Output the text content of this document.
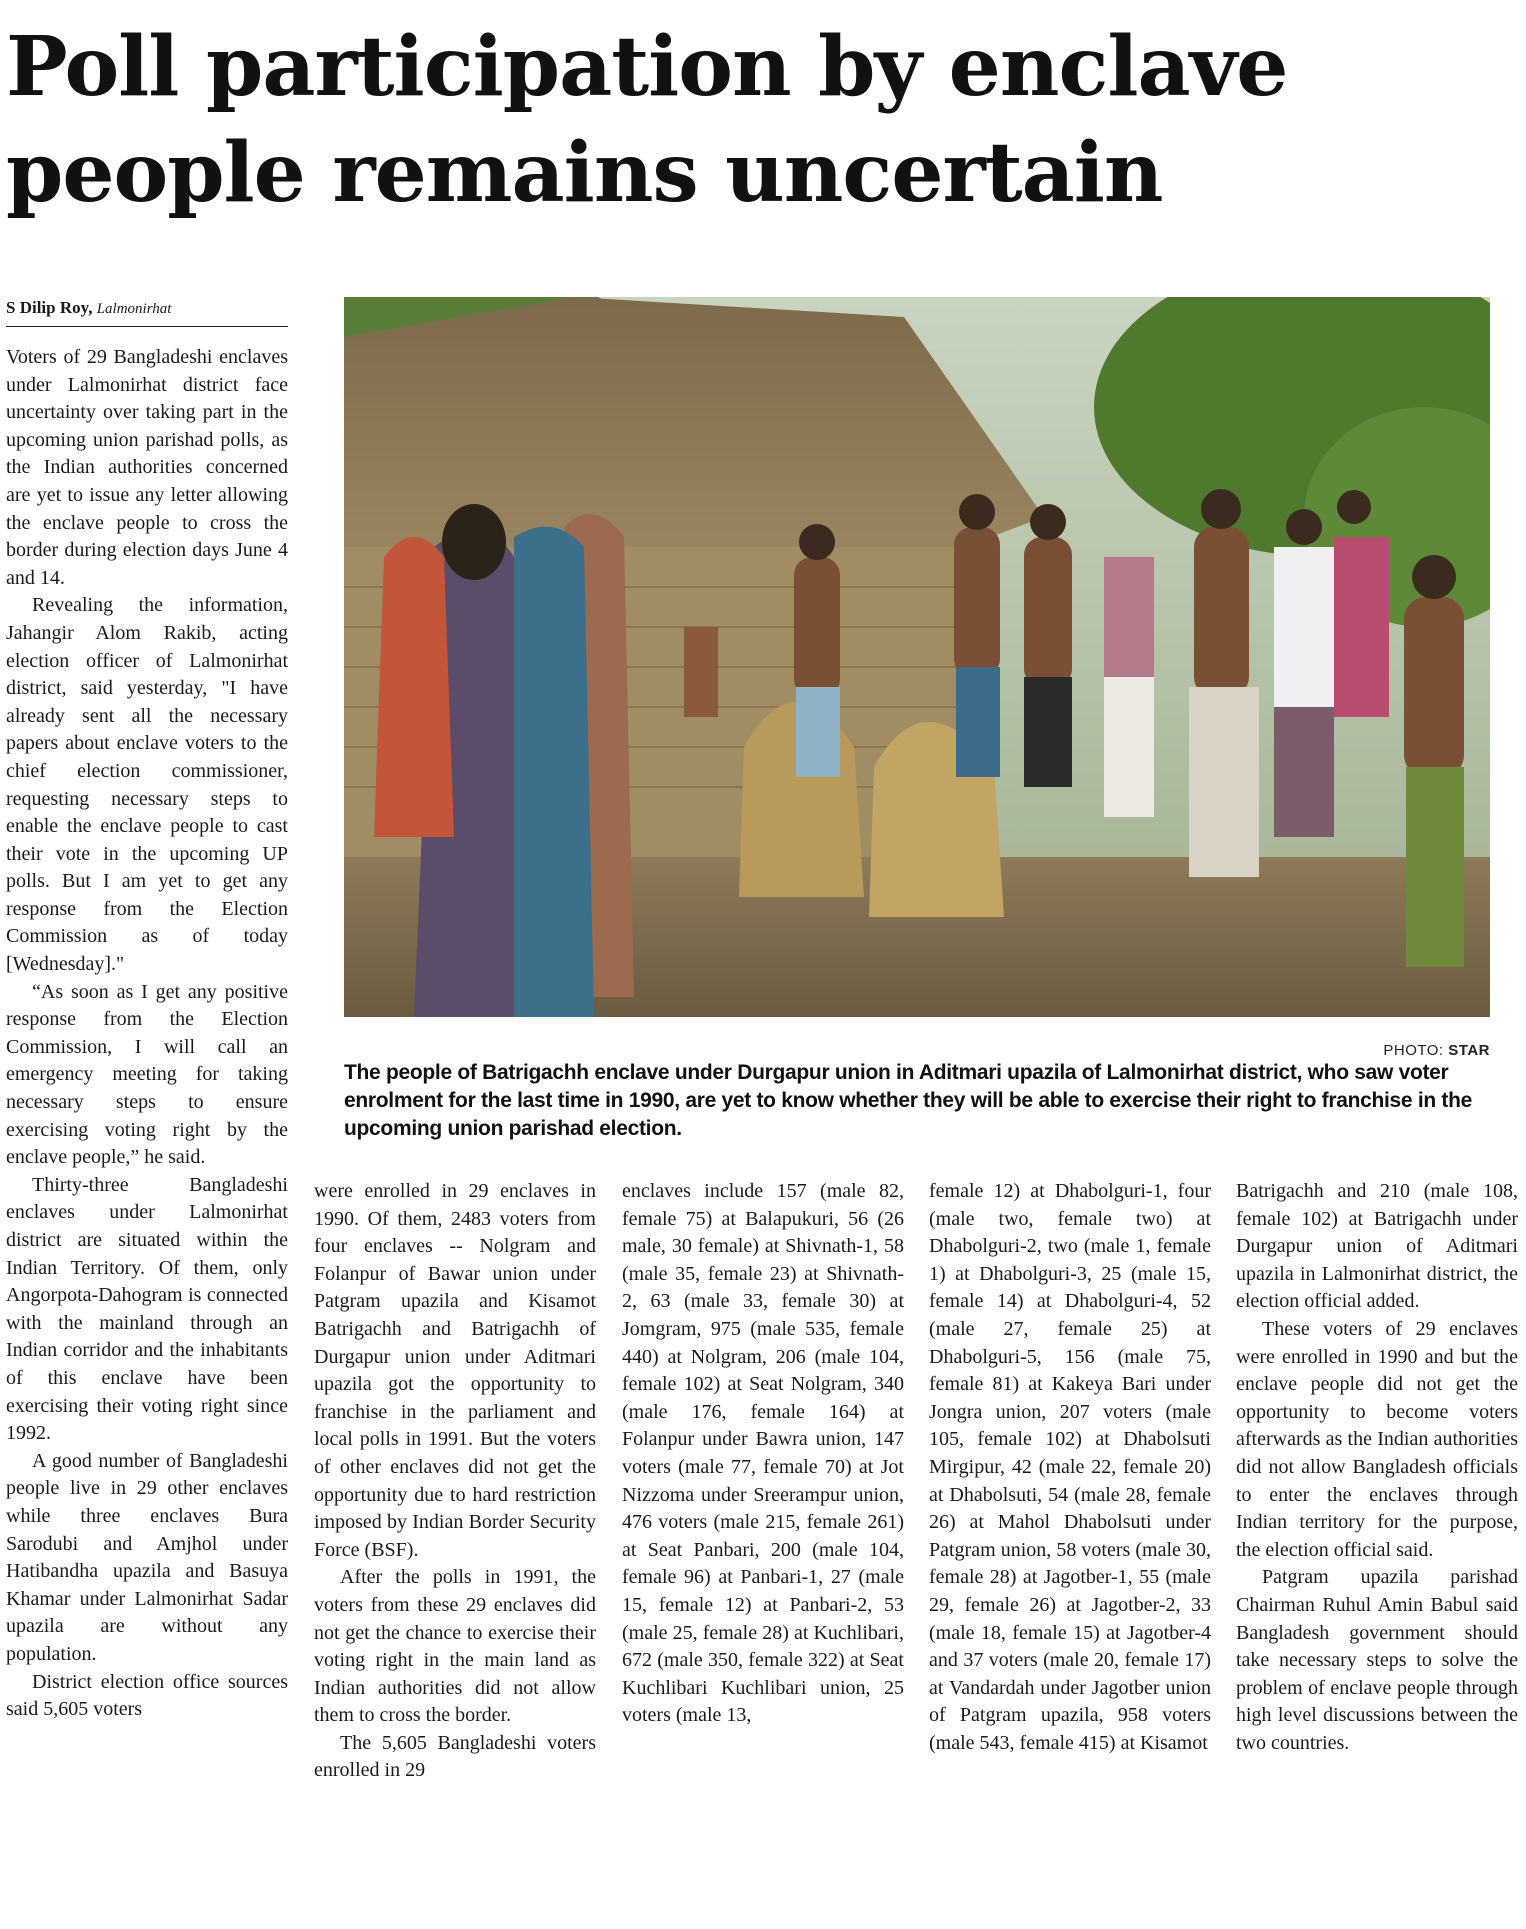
Poll participation by enclave people remains uncertain
S Dilip Roy, Lalmonirhat

Voters of 29 Bangladeshi enclaves under Lalmonirhat district face uncertainty over taking part in the upcoming union parishad polls, as the Indian authorities concerned are yet to issue any letter allowing the enclave people to cross the border during election days June 4 and 14.

Revealing the information, Jahangir Alom Rakib, acting election officer of Lalmonirhat district, said yesterday, "I have already sent all the necessary papers about enclave voters to the chief election commissioner, requesting necessary steps to enable the enclave people to cast their vote in the upcoming UP polls. But I am yet to get any response from the Election Commission as of today [Wednesday]."

“As soon as I get any positive response from the Election Commission, I will call an emergency meeting for taking necessary steps to ensure exercising voting right by the enclave people,” he said.

Thirty-three Bangladeshi enclaves under Lalmonirhat district are situated within the Indian Territory. Of them, only Angorpota-Dahogram is connected with the mainland through an Indian corridor and the inhabitants of this enclave have been exercising their voting right since 1992.

A good number of Bangladeshi people live in 29 other enclaves while three enclaves Bura Sarodubi and Amjhol under Hatibandha upazila and Basuya Khamar under Lalmonirhat Sadar upazila are without any population.

District election office sources said 5,605 voters

PHOTO: STAR
The people of Batrigachh enclave under Durgapur union in Aditmari upazila of Lalmonirhat district, who saw voter enrolment for the last time in 1990, are yet to know whether they will be able to exercise their right to franchise in the upcoming union parishad election.

were enrolled in 29 enclaves in 1990. Of them, 2483 voters from four enclaves -- Nolgram and Folanpur of Bawar union under Patgram upazila and Kisamot Batrigachh and Batrigachh of Durgapur union under Aditmari upazila got the opportunity to franchise in the parliament and local polls in 1991. But the voters of other enclaves did not get the opportunity due to hard restriction imposed by Indian Border Security Force (BSF).

After the polls in 1991, the voters from these 29 enclaves did not get the chance to exercise their voting right in the main land as Indian authorities did not allow them to cross the border.

The 5,605 Bangladeshi voters enrolled in 29

enclaves include 157 (male 82, female 75) at Balapukuri, 56 (26 male, 30 female) at Shivnath-1, 58 (male 35, female 23) at Shivnath-2, 63 (male 33, female 30) at Jomgram, 975 (male 535, female 440) at Nolgram, 206 (male 104, female 102) at Seat Nolgram, 340 (male 176, female 164) at Folanpur under Bawra union, 147 voters (male 77, female 70) at Jot Nizzoma under Sreerampur union, 476 voters (male 215, female 261) at Seat Panbari, 200 (male 104, female 96) at Panbari-1, 27 (male 15, female 12) at Panbari-2, 53 (male 25, female 28) at Kuchlibari, 672 (male 350, female 322) at Seat Kuchlibari Kuchlibari union, 25 voters (male 13,

female 12) at Dhabolguri-1, four (male two, female two) at Dhabolguri-2, two (male 1, female 1) at Dhabolguri-3, 25 (male 15, female 14) at Dhabolguri-4, 52 (male 27, female 25) at Dhabolguri-5, 156 (male 75, female 81) at Kakeya Bari under Jongra union, 207 voters (male 105, female 102) at Dhabolsuti Mirgipur, 42 (male 22, female 20) at Dhabolsuti, 54 (male 28, female 26) at Mahol Dhabolsuti under Patgram union, 58 voters (male 30, female 28) at Jagotber-1, 55 (male 29, female 26) at Jagotber-2, 33 (male 18, female 15) at Jagotber-4 and 37 voters (male 20, female 17) at Vandardah under Jagotber union of Patgram upazila, 958 voters (male 543, female 415) at Kisamot

Batrigachh and 210 (male 108, female 102) at Batrigachh under Durgapur union of Aditmari upazila in Lalmonirhat district, the election official added.

These voters of 29 enclaves were enrolled in 1990 and but the enclave people did not get the opportunity to become voters afterwards as the Indian authorities did not allow Bangladesh officials to enter the enclaves through Indian territory for the purpose, the election official said.

Patgram upazila parishad Chairman Ruhul Amin Babul said Bangladesh government should take necessary steps to solve the problem of enclave people through high level discussions between the two countries.
